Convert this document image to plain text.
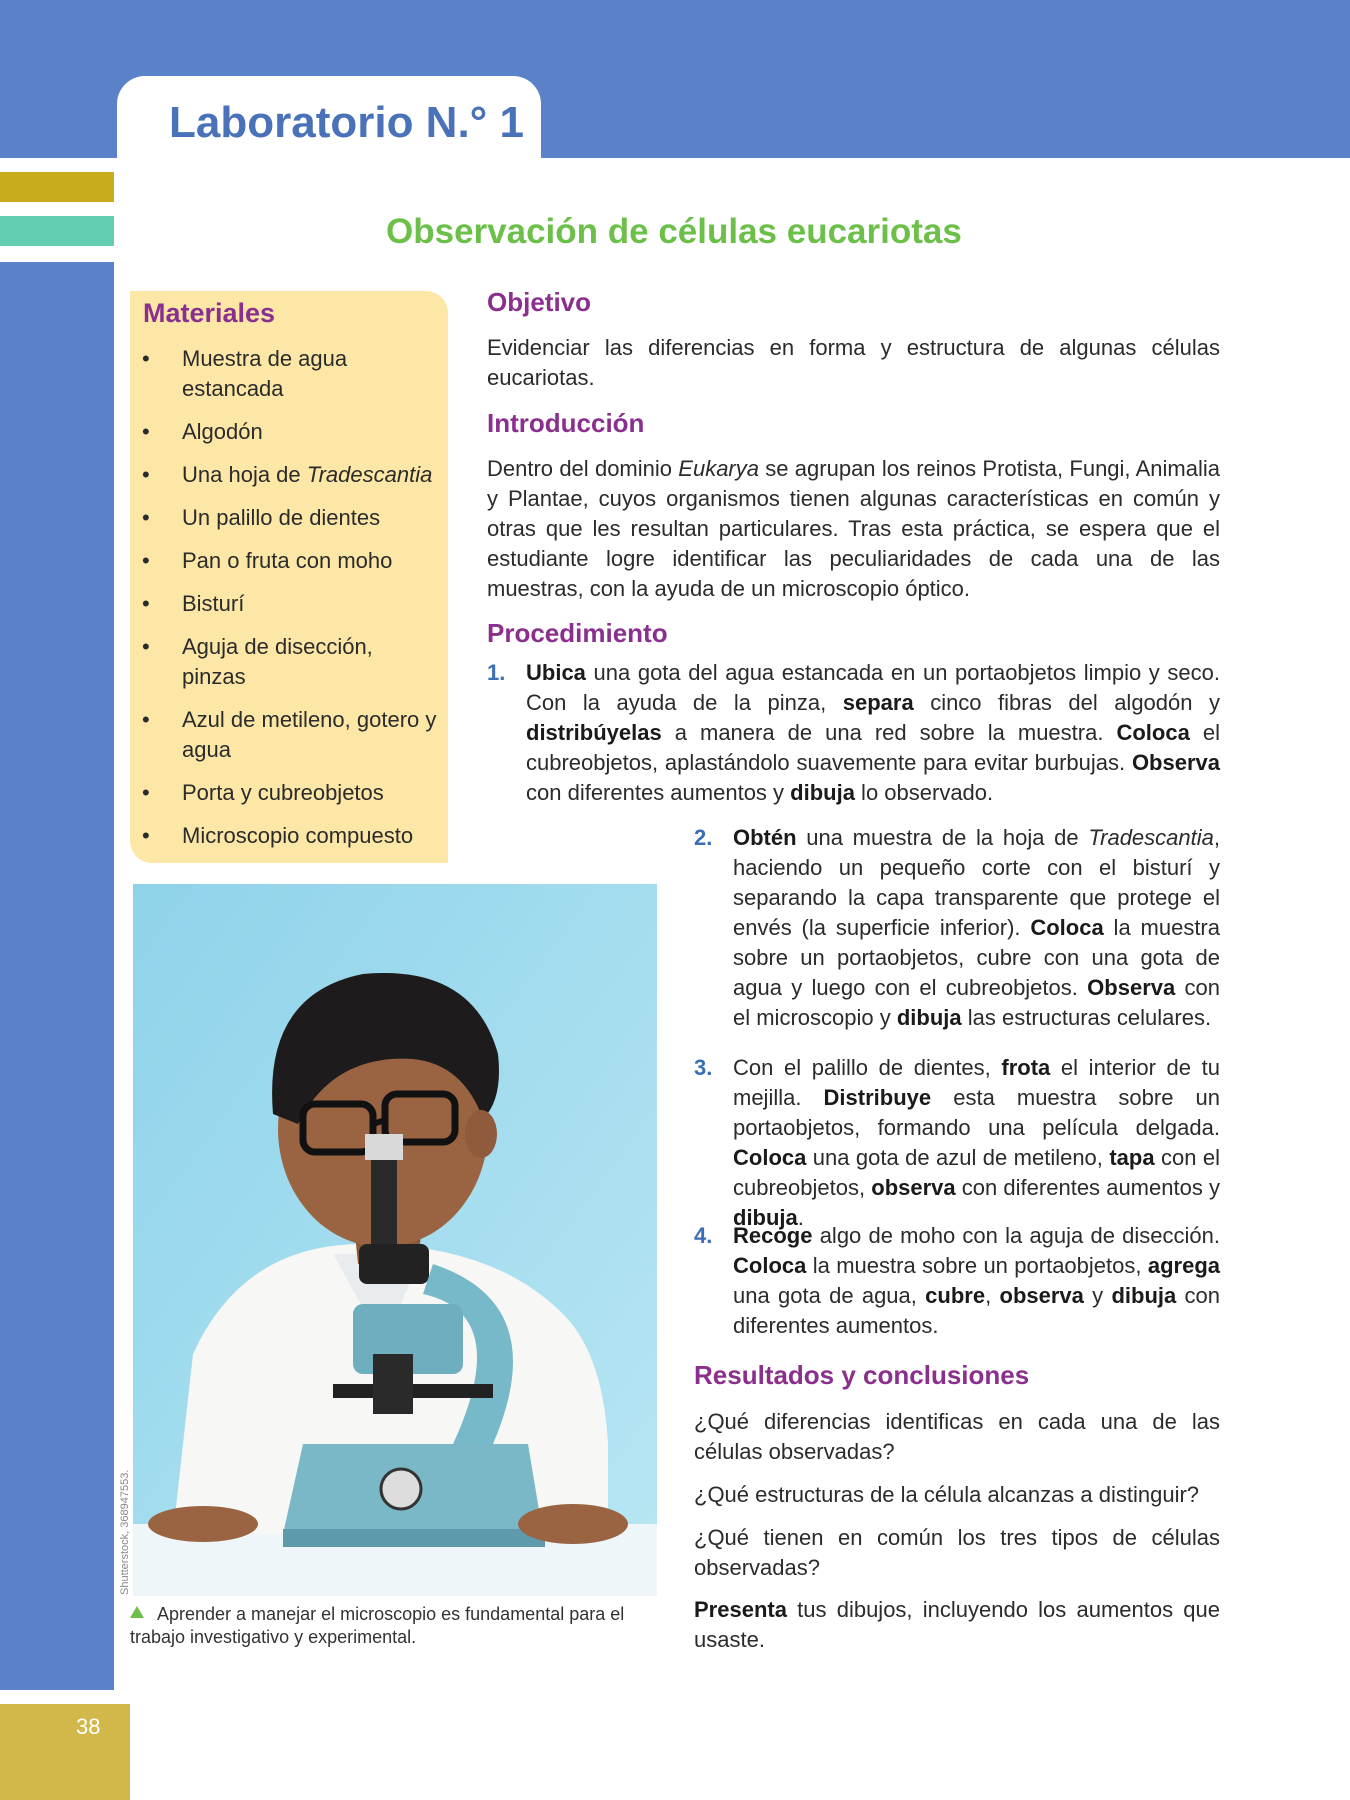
Laboratorio N.° 1
Observación de células eucariotas
Materiales
• Muestra de agua estancada
• Algodón
• Una hoja de Tradescantia
• Un palillo de dientes
• Pan o fruta con moho
• Bisturí
• Aguja de disección, pinzas
• Azul de metileno, gotero y agua
• Porta y cubreobjetos
• Microscopio compuesto
Objetivo

Evidenciar las diferencias en forma y estructura de algunas células eucariotas.

Introducción

Dentro del dominio Eukarya se agrupan los reinos Protista, Fungi, Animalia y Plantae, cuyos organismos tienen algunas características en común y otras que les resultan particulares. Tras esta práctica, se espera que el estudiante logre identificar las peculiaridades de cada una de las muestras, con la ayuda de un microscopio óptico.

Procedimiento
1. Ubica una gota del agua estancada en un portaobjetos limpio y seco. Con la ayuda de la pinza, separa cinco fibras del algodón y distribúyelas a manera de una red sobre la muestra. Coloca el cubreobjetos, aplastándolo suavemente para evitar burbujas. Observa con diferentes aumentos y dibuja lo observado.

2. Obtén una muestra de la hoja de Tradescantia, haciendo un pequeño corte con el bisturí y separando la capa transparente que protege el envés (la superficie inferior). Coloca la muestra sobre un portaobjetos, cubre con una gota de agua y luego con el cubreobjetos. Observa con el microscopio y dibuja las estructuras celulares.

3. Con el palillo de dientes, frota el interior de tu mejilla. Distribuye esta muestra sobre un portaobjetos, formando una película delgada. Coloca una gota de azul de metileno, tapa con el cubreobjetos, observa con diferentes aumentos y dibuja.

4. Recoge algo de moho con la aguja de disección. Coloca la muestra sobre un portaobjetos, agrega una gota de agua, cubre, observa y dibuja con diferentes aumentos.

Resultados y conclusiones

¿Qué diferencias identificas en cada una de las células observadas?

¿Qué estructuras de la célula alcanzas a distinguir?

¿Qué tienen en común los tres tipos de células observadas?

Presenta tus dibujos, incluyendo los aumentos que usaste.

Shutterstock, 368947553.

Aprender a manejar el microscopio es fundamental para el trabajo investigativo y experimental.

38
